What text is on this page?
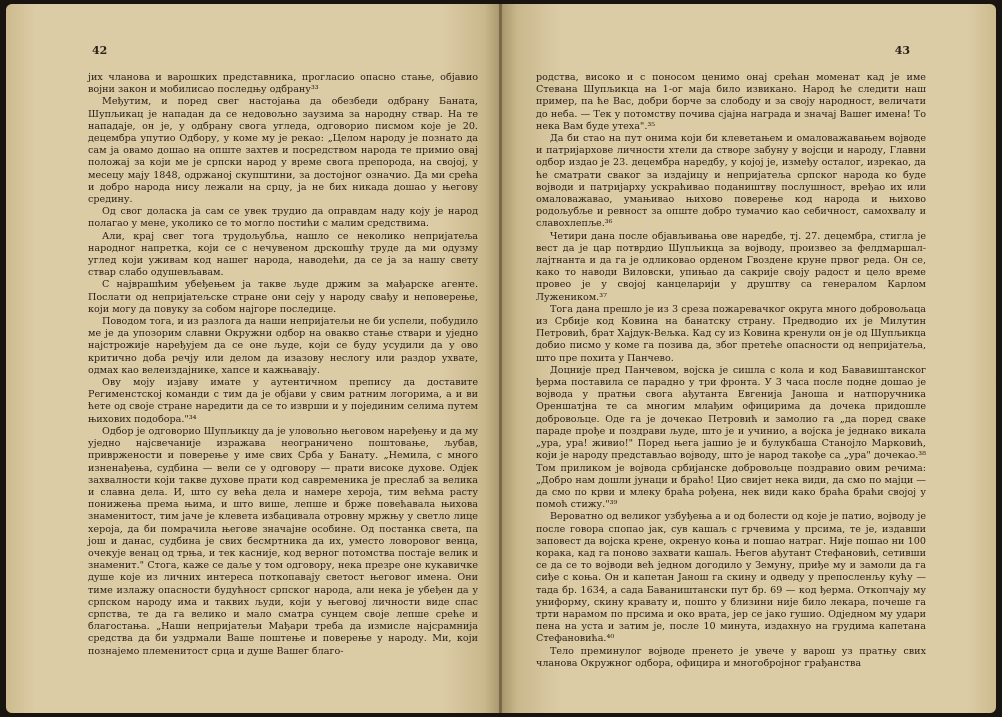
42

јих чланова и варошких представника, прогласио опасно стање, објавио војни закон и мобилисао последњу одбрану³³

Међутим, и поред свег настојања да обезбеди одбрану Баната, Шупљикац је нападан да се недовољно заузима за народну ствар. На те нападаје, он је, у одбрану свога угледа, одговорио писмом које је 20. децембра упутио Одбору, у коме му је рекао: „Целом народу је познато да сам ја овамо дошао на опште захтев и посредством народа те примио овај положај за који ме је српски народ у време свога препорода, на својој, у месецу мају 1848, одржаној скупштини, за достојног означио. Да ми срећа и добро народа нису лежали на срцу, ја не бих никада дошао у његову средину.

Од свог доласка ја сам се увек трудио да оправдам наду коју је народ полагао у мене, уколико се то могло постићи с малим средствима.

Али, крај свег тога трудољубља, нашло се неколико непријатеља народног напретка, који се с нечувеном дрскошћу труде да ми одузму углед који уживам код нашег народа, наводећи, да се ја за нашу свету ствар слабо одушевљавам.

С најврашћим убеђењем ја такве људе држим за мађарске агенте. Послати од непријатељске стране они сеју у народу свађу и неповерење, који могу да повуку за собом најгоре последице.

Поводом тога, и из разлога да наши непријатељи не би успели, побудило ме је да упозорим славни Окружни одбор на овакво стање ствари и уједно најстрожије наређујем да се оне људе, који се буду усудили да у ово критично доба речју или делом да изазову неслогу или раздор ухвате, одмах као велеиздајнике, хапсе и кажњавају.

Ову моју изјаву имате у аутентичном препису да доставите Регименстској команди с тим да је објави у свим ратним логорима, а и ви ћете од своје стране наредити да се то изврши и у појединим селима путем њихових подобора."³⁴

Одбор је одговорио Шупљикцу да је уловољно његовом наређењу и да му уједно најсвечаније изражава неограничено поштовање, љубав, привржености и поверење у име свих Срба у Банату. „Немила, с много изненађења, судбина — вели се у одговору — прати високе духове. Одјек захвалности који такве духове прати код савременика је преслаб за велика и славна дела. И, што су већа дела и намере хероја, тим већма расту понижења према њима, и што више, лепше и брже повећавала њихова знаменитост, тим јаче је клевета избацивала отровну мржњу у светло лице хероја, да би помрачила његове значајне особине. Од постанка света, па још и данас, судбина је свих бесмртника да их, уместо ловоровог венца, очекује венац од трња, и тек касније, код верног потомства постаје велик и знаменит." Стога, каже се даље у том одговору, нека презре оне кукавичке душе које из личних интереса поткопавају светост његовог имена. Они тиме излажу опасности будућност српског народа, али нека је убеђен да у српском народу има и таквих људи, који у његовој личности виде спас српства, те да га велико и мало сматра сунцем своје лепше среће и благостања. „Наши непријатељи Мађари треба да измисле најсрамнија средства да би уздрмали Ваше поштење и поверење у народу. Ми, који познајемо племенитост срца и душе Вашег благо-

43

родства, високо и с поносом ценимо онај срећан моменат кад је име Стевана Шупљикца на 1-ог маја било извикано. Народ ће следити наш пример, па ће Вас, добри борче за слободу и за своју народност, величати до неба. — Тек у потомству почива сјајна награда и значај Вашег имена! То нека Вам буде утеха".³⁵

Да би стао на пут онима који би клеветањем и омаловажавањем војводе и патријархове личности хтели да створе забуну у војсци и народу, Главни одбор издао је 23. децембра наредбу, у којој је, између осталог, изрекао, да ће сматрати сваког за издајицу и непријатеља српског народа ко буде војводи и патријарху ускраћивао подаништву послушност, вређао их или омаловажавао, умањивао њихово поверење код народа и њихово родољубље и ревност за опште добро тумачио као себичност, самохвалу и славохлепље.³⁶

Четири дана после објављивања ове наредбе, тј. 27. децембра, стигла је вест да је цар потврдио Шупљикца за војводу, произвео за фелдмаршал-лајтнанта и да га је одликовао орденом Гвоздене круне првог реда. Он се, како то наводи Виловски, упињао да сакрије своју радост и цело време провео је у својој канцеларији у друштву са генералом Карлом Лужеником.³⁷

Тога дана прешло је из 3 среза пожаревачког округа много добровољаца из Србије код Ковина на банатску страну. Предводио их је Милутин Петровић, брат Хајдук-Вељка. Кад су из Ковина кренули он је од Шупљикца добио писмо у коме га позива да, због претеће опасности од непријатеља, што пре похита у Панчево.

Доцније пред Панчевом, војска је сишла с кола и код Бававиштанског ђерма поставила се парадно у три фронта. У 3 часа после подне дошао је војвода у пратњи свога ађутанта Евгенија Јаноша и натпоручника Ореншатјна те са многим млађим официрима да дочека придошле добровољце. Оде га је дочекао Петровић и замолио га „да поред свакe параде прође и поздрави људе, што је и учинио, а војска је једнако викала „ура, ура! живио!" Поред њега јашио је и булукбаша Станојло Марковић, који је народу представљао војводу, што је народ такође са „ура" дочекао.³⁸ Том приликом је војвода србијанске добровољце поздравио овим речима: „Добро нам дошли јунаци и браћо! Цио свијет нека види, да смо по мајци — да смо по крви и млеку браћа рођена, нек види како браћа браћи својој у помоћ стижу."³⁹

Вероватно од великог узбуђења а и од болести од које је патио, војводу је после говора спопао јак, сув кашаљ с грчевима у прсима, те је, издавши заповест да војска крене, окренуо коња и пошао натраг. Није пошао ни 100 корака, кад га поново захвати кашаљ. Његов ађутант Стефановић, сетивши се да се то војводи већ једном догодило у Земуну, приђе му и замоли да га сиђе с коња. Он и капетан Јанош га скину и одведу у препосленљу кућу — тада бр. 1634, а сада Бавaништански пут бр. 69 — код ђерма. Откопчају му униформу, скину кравату и, пошто у близини није било лекара, почеше га трти нарамом по прсима и око врата, јер се јако гушио. Одједном му удари пена на уста и затим је, после 10 минута, издахнуо на грудима капетана Стефановића.⁴⁰

Тело преминулог војводе пренето је увече у варош уз пратњу свих чланова Окружног одбора, официра и многобројног грађанства
